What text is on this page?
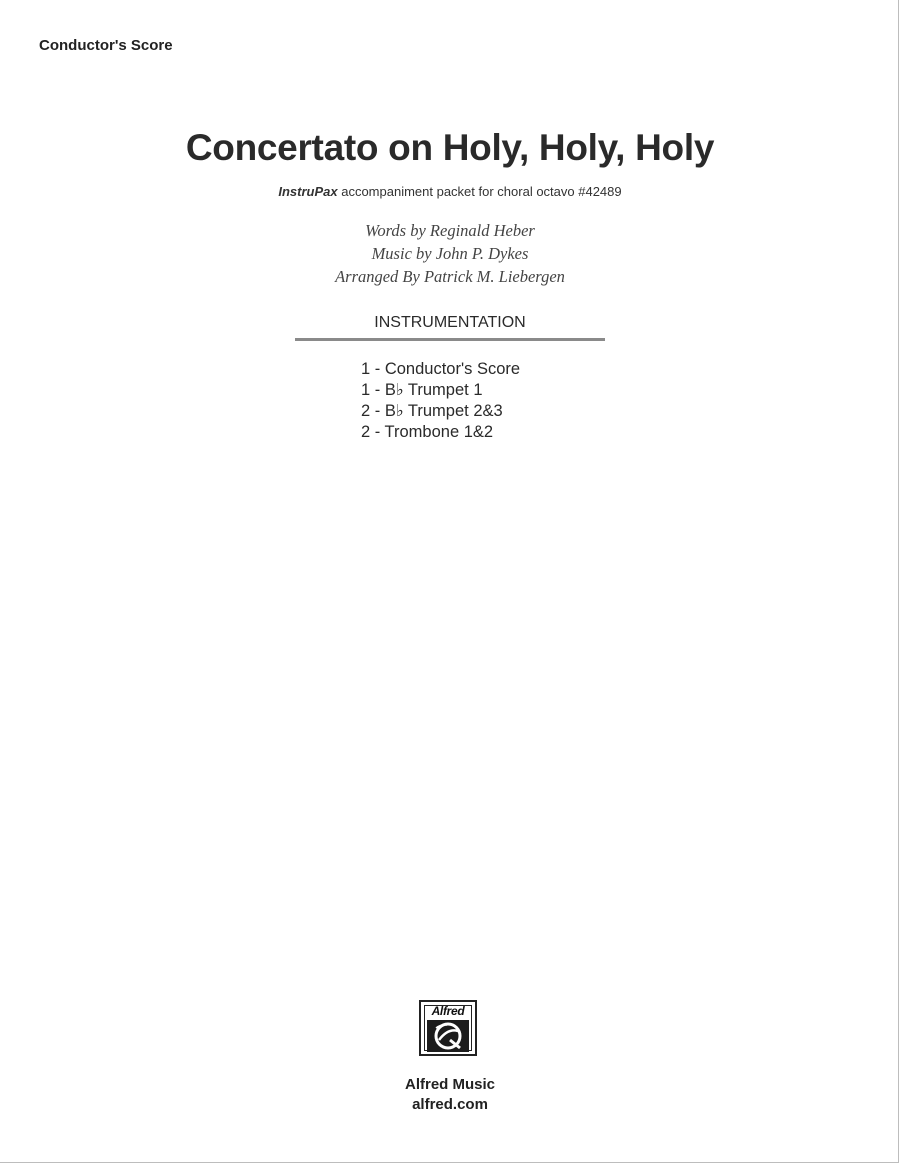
Conductor's Score
Concertato on Holy, Holy, Holy
InstruPax accompaniment packet for choral octavo #42489
Words by Reginald Heber
Music by John P. Dykes
Arranged By Patrick M. Liebergen
INSTRUMENTATION
1 - Conductor's Score
1 - B♭ Trumpet 1
2 - B♭ Trumpet 2&3
2 - Trombone 1&2
Alfred
Alfred Music
alfred.com
